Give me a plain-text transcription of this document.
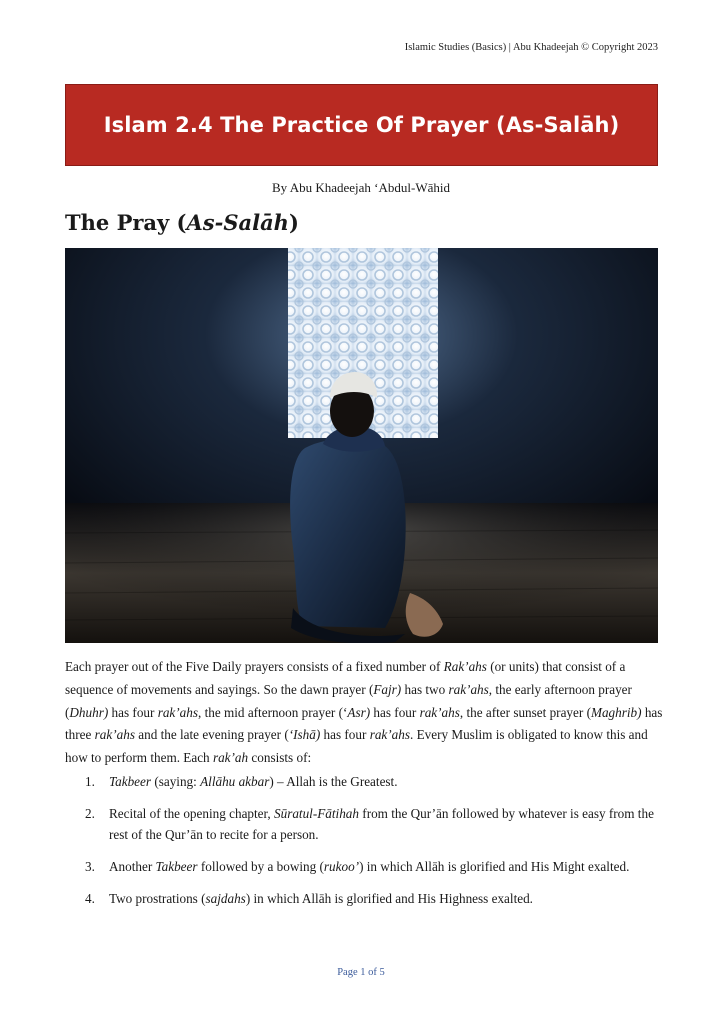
Islamic Studies (Basics) | Abu Khadeejah © Copyright 2023
Islam 2.4 The Practice Of Prayer (As-Salāh)
By Abu Khadeejah ‘Abdul-Wāhid
The Pray (As-Salāh)

Each prayer out of the Five Daily prayers consists of a fixed number of Rak’ahs (or units) that consist of a sequence of movements and sayings. So the dawn prayer (Fajr) has two rak’ahs, the early afternoon prayer (Dhuhr) has four rak’ahs, the mid afternoon prayer (‘Asr) has four rak’ahs, the after sunset prayer (Maghrib) has three rak’ahs and the late evening prayer (‘Ishā) has four rak’ahs. Every Muslim is obligated to know this and how to perform them. Each rak’ah consists of:

1. Takbeer (saying: Allāhu akbar) – Allah is the Greatest.
2. Recital of the opening chapter, Sūratul-Fātihah from the Qur’ān followed by whatever is easy from the rest of the Qur’ān to recite for a person.
3. Another Takbeer followed by a bowing (rukoo’) in which Allāh is glorified and His Might exalted.
4. Two prostrations (sajdahs) in which Allāh is glorified and His Highness exalted.
Page 1 of 5
